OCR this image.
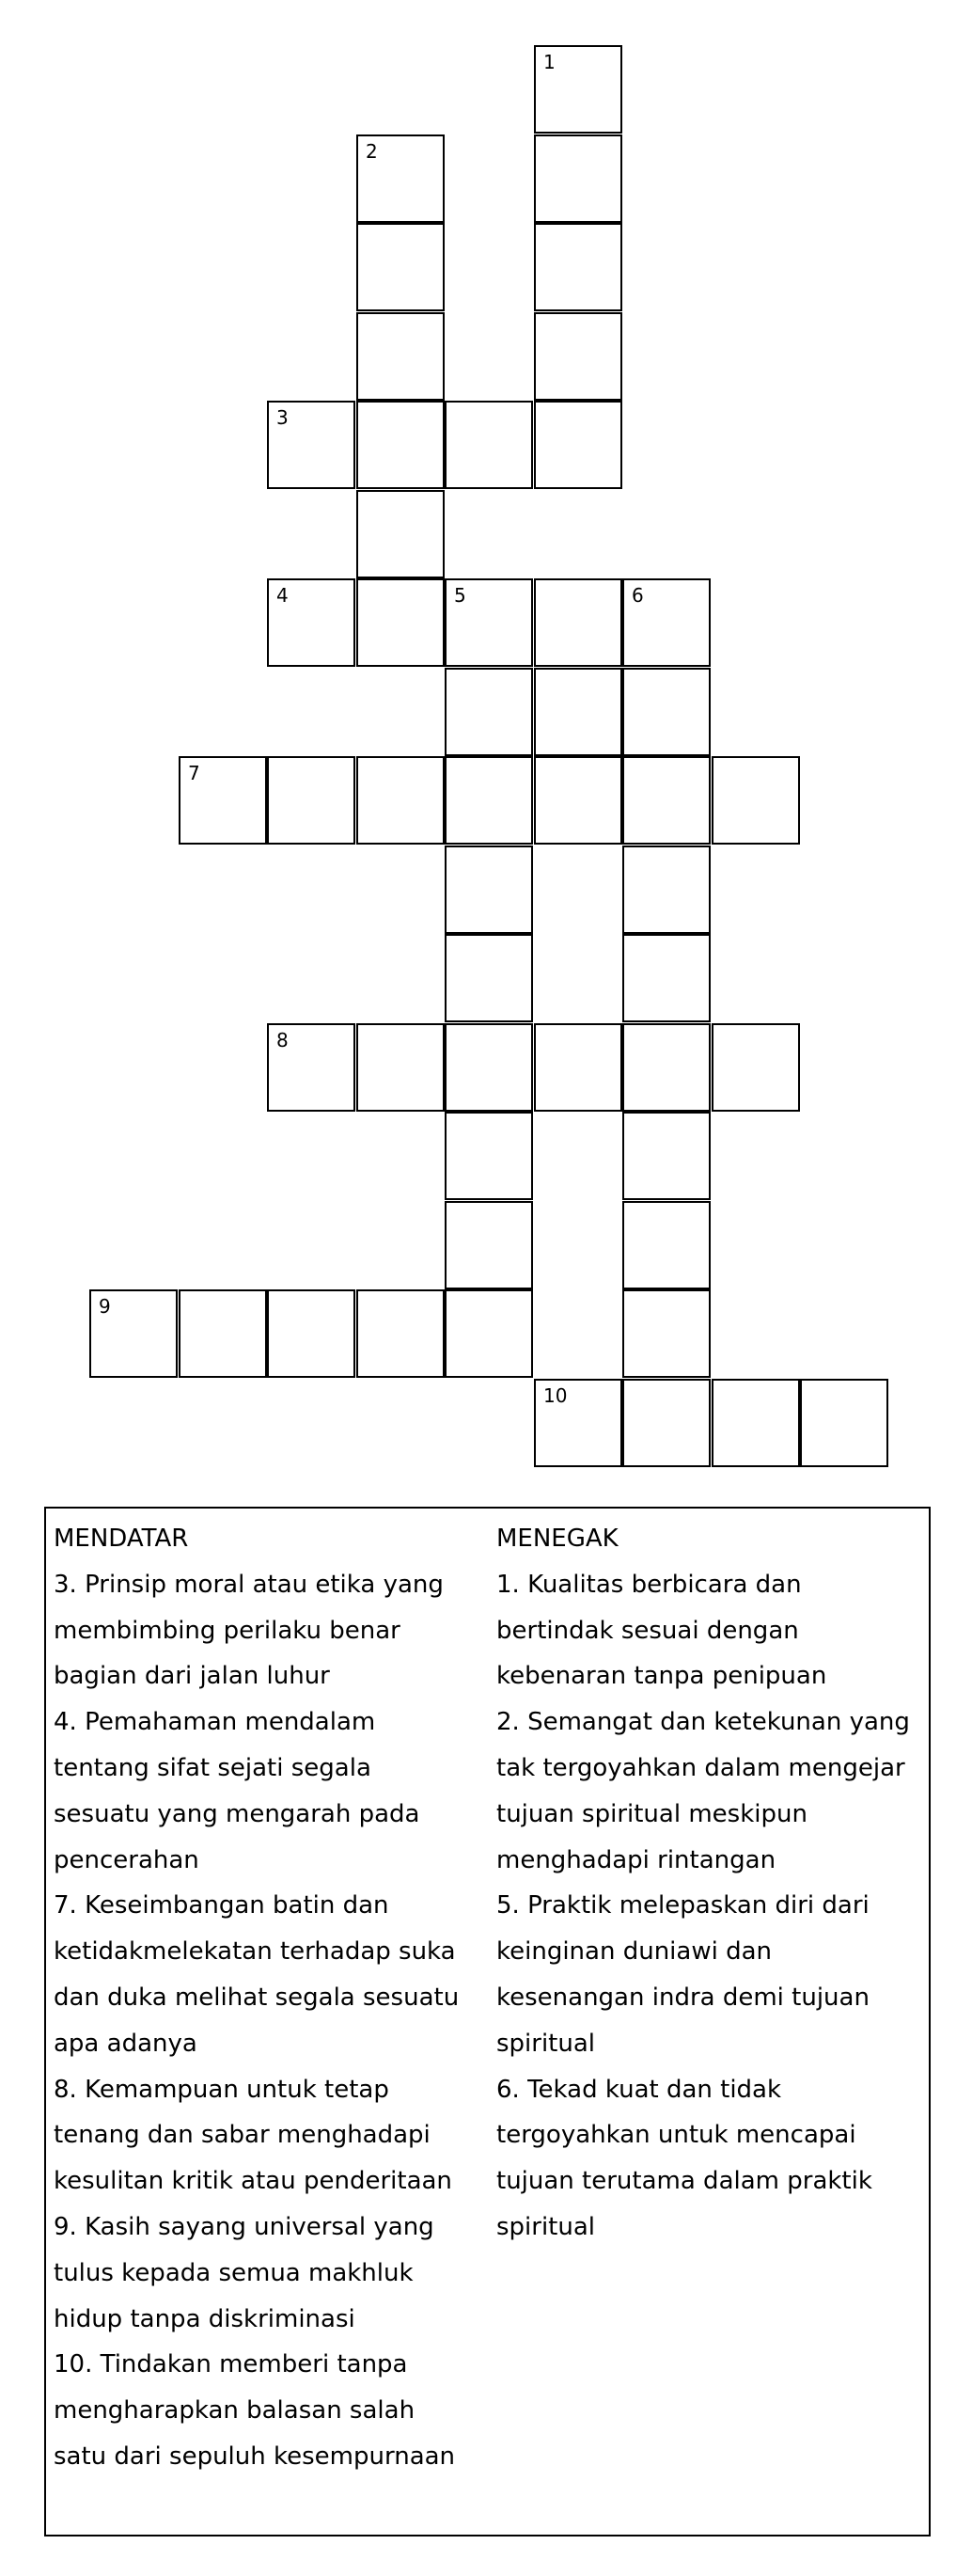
1
2
3
4	5	6
7
8
9
10
MENDATAR
3. Prinsip moral atau etika yang
membimbing perilaku benar
bagian dari jalan luhur
4. Pemahaman mendalam
tentang sifat sejati segala
sesuatu yang mengarah pada
pencerahan
7. Keseimbangan batin dan
ketidakmelekatan terhadap suka
dan duka melihat segala sesuatu
apa adanya
8. Kemampuan untuk tetap
tenang dan sabar menghadapi
kesulitan kritik atau penderitaan
9. Kasih sayang universal yang
tulus kepada semua makhluk
hidup tanpa diskriminasi
10. Tindakan memberi tanpa
mengharapkan balasan salah
satu dari sepuluh kesempurnaan
MENEGAK
1. Kualitas berbicara dan
bertindak sesuai dengan
kebenaran tanpa penipuan
2. Semangat dan ketekunan yang
tak tergoyahkan dalam mengejar
tujuan spiritual meskipun
menghadapi rintangan
5. Praktik melepaskan diri dari
keinginan duniawi dan
kesenangan indra demi tujuan
spiritual
6. Tekad kuat dan tidak
tergoyahkan untuk mencapai
tujuan terutama dalam praktik
spiritual
